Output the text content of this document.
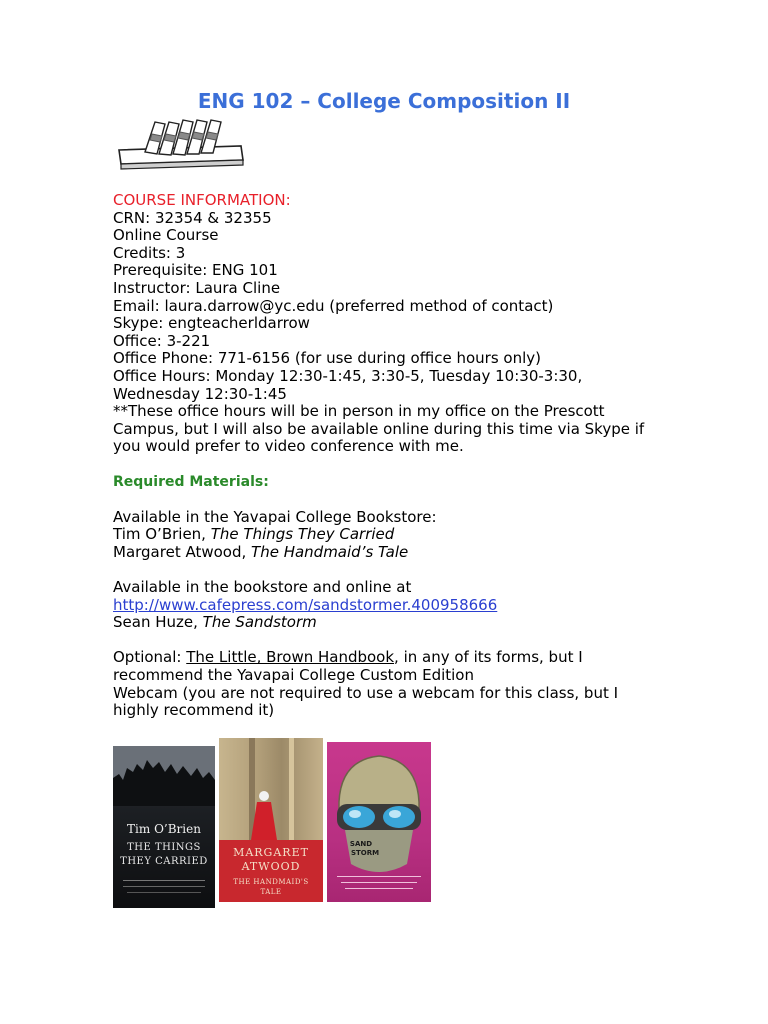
ENG 102 – College Composition II
COURSE INFORMATION:
CRN: 32354 & 32355
Online Course
Credits: 3
Prerequisite: ENG 101
Instructor: Laura Cline
Email: laura.darrow@yc.edu (preferred method of contact)
Skype: engteacherldarrow
Office: 3-221
Office Phone: 771-6156 (for use during office hours only)
Office Hours: Monday 12:30-1:45, 3:30-5, Tuesday 10:30-3:30,
Wednesday 12:30-1:45
**These office hours will be in person in my office on the Prescott
Campus, but I will also be available online during this time via Skype if
you would prefer to video conference with me.
Required Materials:
Available in the Yavapai College Bookstore:
Tim O’Brien, The Things They Carried
Margaret Atwood, The Handmaid’s Tale
Available in the bookstore and online at
http://www.cafepress.com/sandstormer.400958666
Sean Huze, The Sandstorm
Optional: The Little, Brown Handbook, in any of its forms, but I
recommend the Yavapai College Custom Edition
Webcam (you are not required to use a webcam for this class, but I
highly recommend it)
Tim O’Brien
THE THINGS
THEY CARRIED
MARGARET
ATWOOD
THE HANDMAID'S
TALE
SAND
STORM
